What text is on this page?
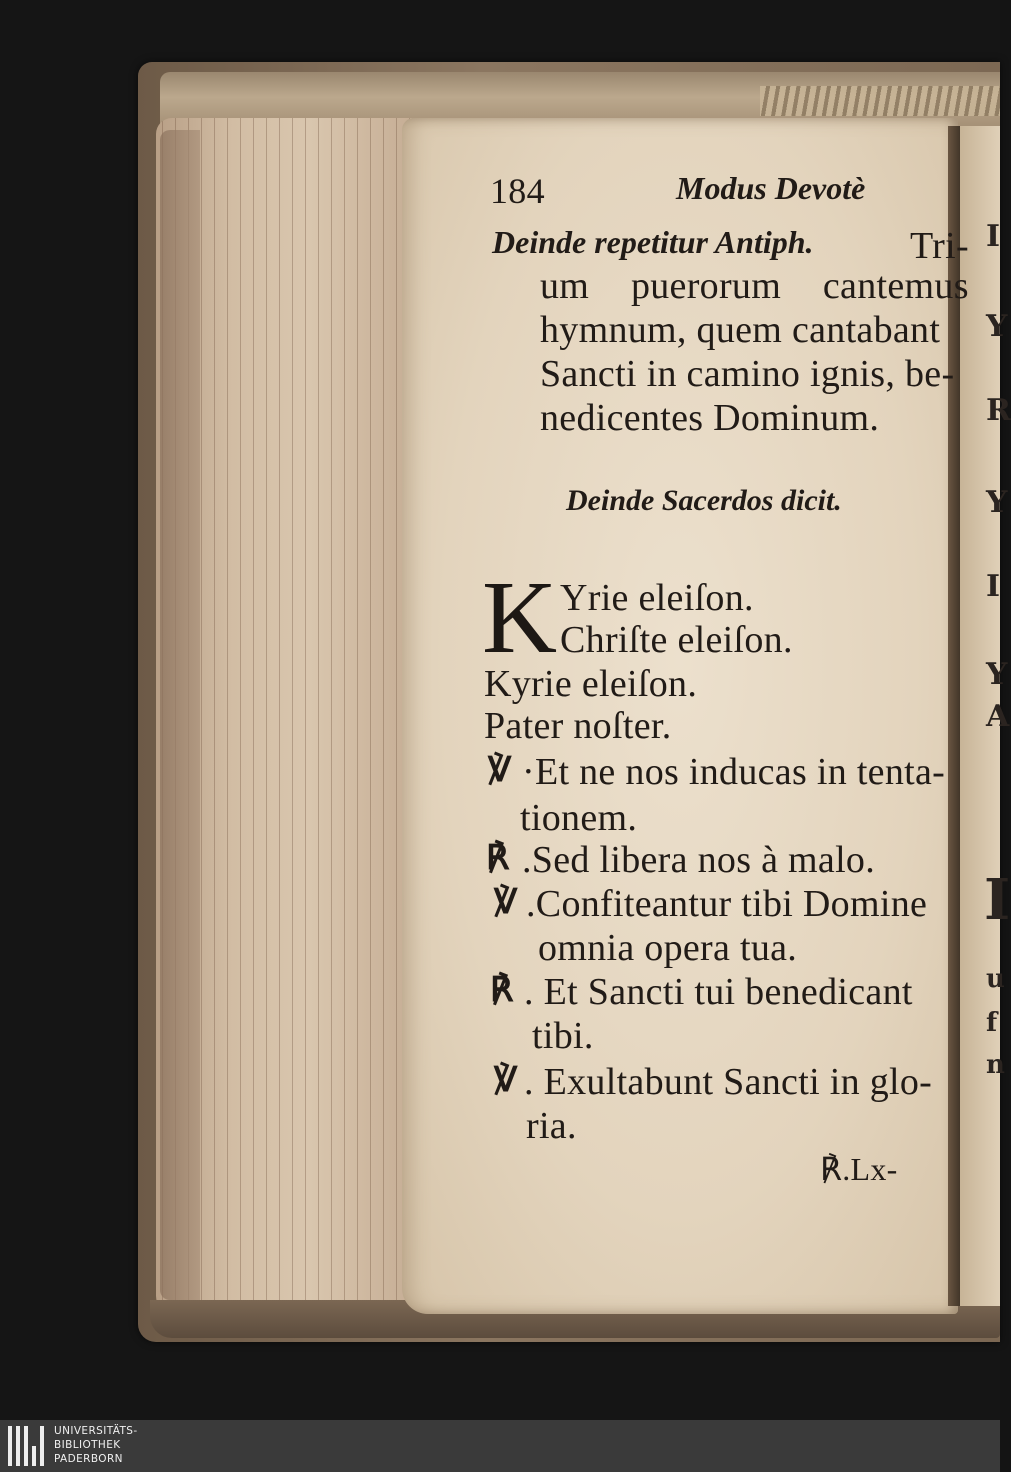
I
Y
R
Y
I
Y
A
I
u
f
n
184	Modus Devotè
Deinde repetitur Antiph.	Tri-
um puerorum cantemus
hymnum, quem cantabant
Sancti in camino ignis, be-
nedicentes Dominum.
Deinde Sacerdos dicit.
K Yrie eleiſon.
Chriſte eleiſon.
Kyrie eleiſon.
Pater noſter.
℣ ·Et ne nos inducas in tenta-
tionem.
℟ .Sed libera nos à malo.
℣ .Confiteantur tibi Domine
omnia opera tua.
℟ . Et Sancti tui benedicant
tibi.
℣ . Exultabunt Sancti in glo-
ria.
℟.Lx-
UNIVERSITÄTS-
BIBLIOTHEK
PADERBORN
